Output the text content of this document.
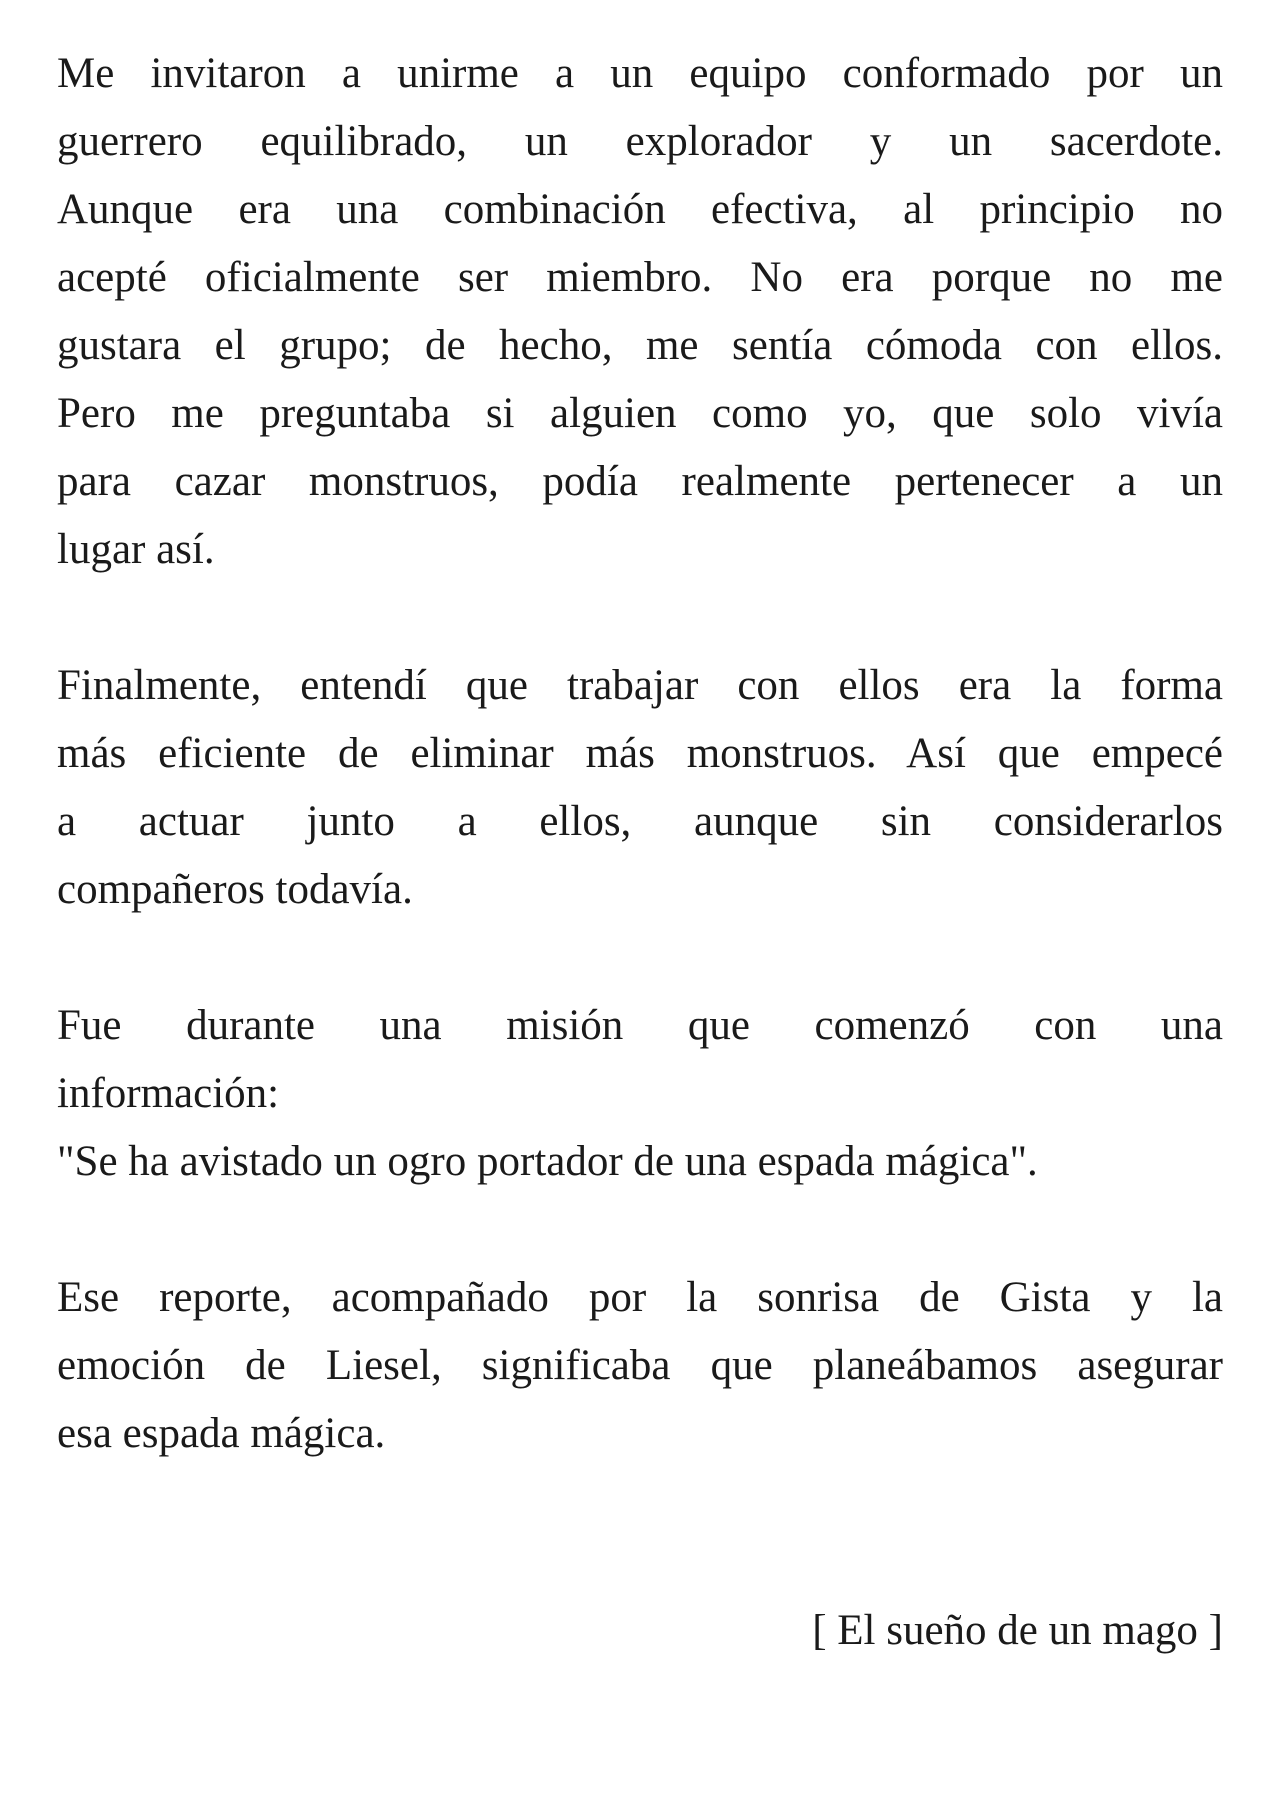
Me invitaron a unirme a un equipo conformado por un
guerrero equilibrado, un explorador y un sacerdote.
Aunque era una combinación efectiva, al principio no
acepté oficialmente ser miembro. No era porque no me
gustara el grupo; de hecho, me sentía cómoda con ellos.
Pero me preguntaba si alguien como yo, que solo vivía
para cazar monstruos, podía realmente pertenecer a un
lugar así.

Finalmente, entendí que trabajar con ellos era la forma
más eficiente de eliminar más monstruos. Así que empecé
a actuar junto a ellos, aunque sin considerarlos
compañeros todavía.

Fue durante una misión que comenzó con una
información:
"Se ha avistado un ogro portador de una espada mágica".

Ese reporte, acompañado por la sonrisa de Gista y la
emoción de Liesel, significaba que planeábamos asegurar
esa espada mágica.

[ El sueño de un mago ]
